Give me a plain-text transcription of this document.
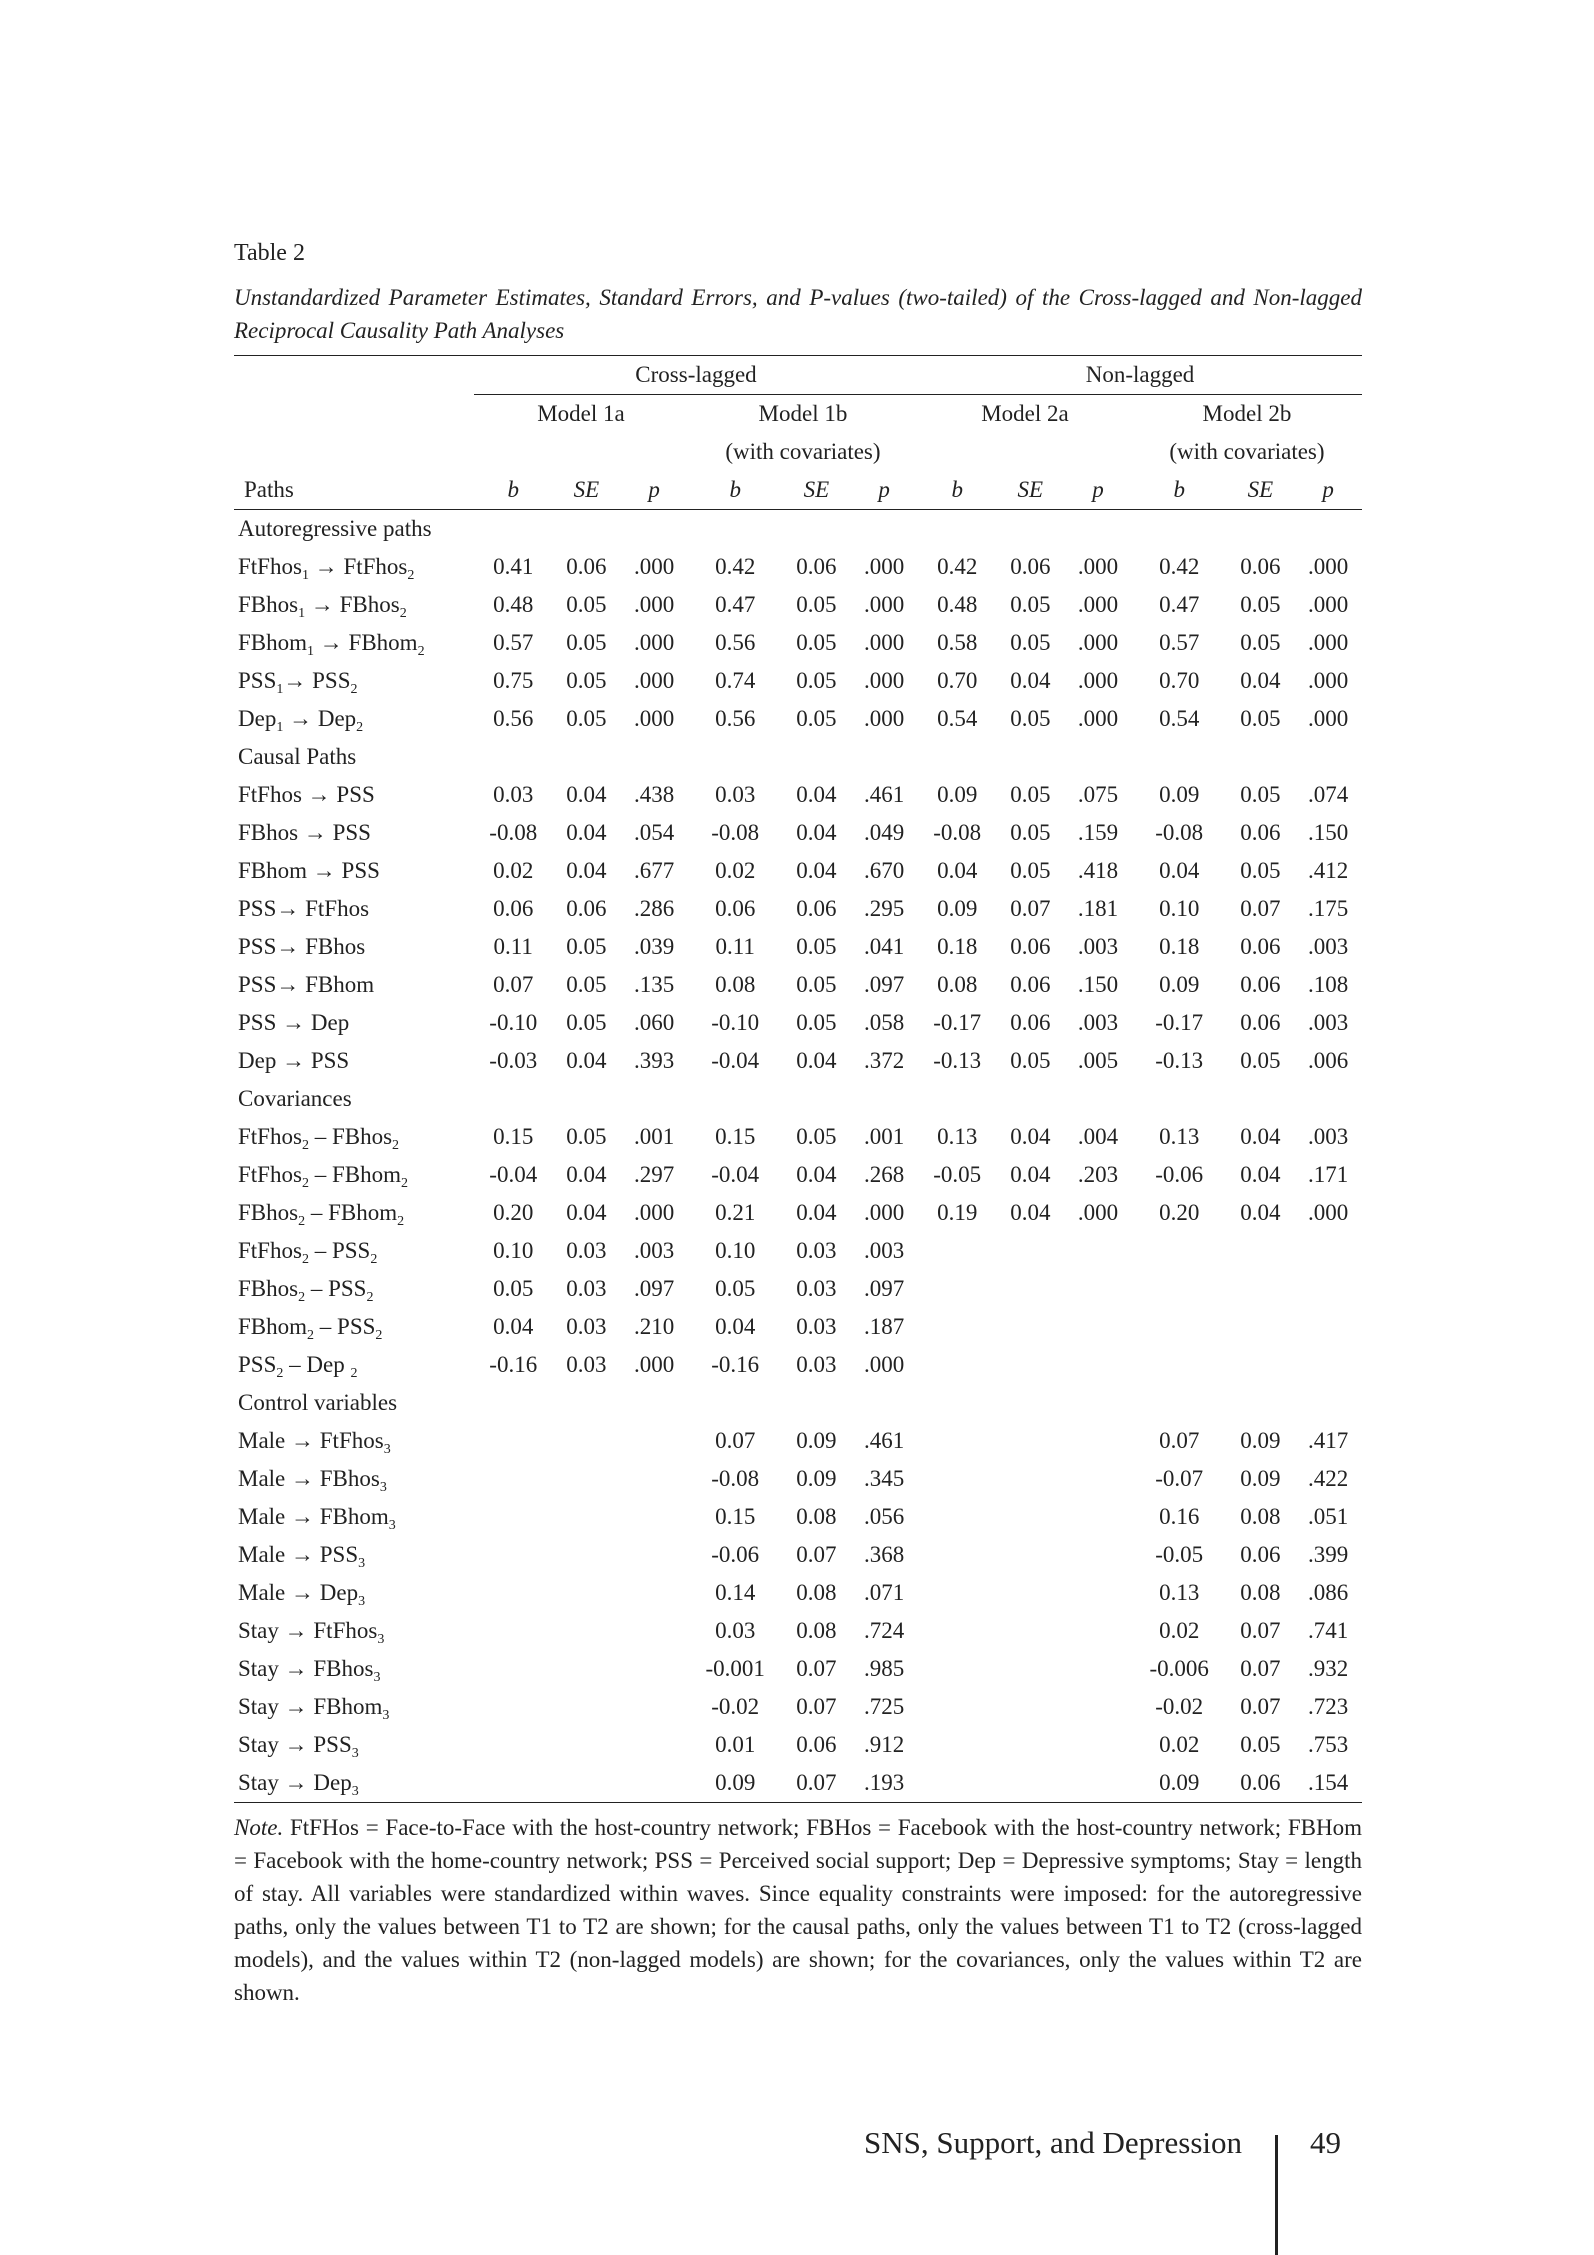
Table 2
Unstandardized Parameter Estimates, Standard Errors, and P-values (two-tailed) of the Cross-lagged and Non-lagged Reciprocal Causality Path Analyses
	Cross-lagged						Non-lagged					
	Model 1a			Model 1b			Model 2a			Model 2b		
				(with covariates)						(with covariates)		
Paths	b	SE	p	b	SE	p	b	SE	p	b	SE	p
Autoregressive paths												
FtFhos$_1$ → FtFhos$_2$	0.41	0.06	.000	0.42	0.06	.000	0.42	0.06	.000	0.42	0.06	.000
FBhos$_1$ → FBhos$_2$	0.48	0.05	.000	0.47	0.05	.000	0.48	0.05	.000	0.47	0.05	.000
FBhom$_1$ → FBhom$_2$	0.57	0.05	.000	0.56	0.05	.000	0.58	0.05	.000	0.57	0.05	.000
$PSS_1\to PSS_2$	0.75	0.05	.000	0.74	0.05	.000	0.70	0.04	.000	0.70	0.04	.000
Dep$_1$ → Dep$_2$	0.56	0.05	.000	0.56	0.05	.000	0.54	0.05	.000	0.54	0.05	.000
Causal Paths												
FtFhos → PSS	0.03	0.04	.438	0.03	0.04	.461	0.09	0.05	.075	0.09	0.05	.074
FBhos → PSS	-0.08	0.04	.054	-0.08	0.04	.049	-0.08	0.05	.159	-0.08	0.06	.150
FBhom → PSS	0.02	0.04	.677	0.02	0.04	.670	0.04	0.05	.418	0.04	0.05	.412
PSS→ FtFhos	0.06	0.06	.286	0.06	0.06	.295	0.09	0.07	.181	0.10	0.07	.175
PSS→ FBhos	0.11	0.05	.039	0.11	0.05	.041	0.18	0.06	.003	0.18	0.06	.003
PSS→ FBhom	0.07	0.05	.135	0.08	0.05	.097	0.08	0.06	.150	0.09	0.06	.108
PSS → Dep	-0.10	0.05	.060	-0.10	0.05	.058	-0.17	0.06	.003	-0.17	0.06	.003
Dep → PSS	-0.03	0.04	.393	-0.04	0.04	.372	-0.13	0.05	.005	-0.13	0.05	.006
Covariances												
FtFhos$_2$ – FBhos$_2$	0.15	0.05	.001	0.15	0.05	.001	0.13	0.04	.004	0.13	0.04	.003
FtFhos$_2$ – FBhom$_2$	-0.04	0.04	.297	-0.04	0.04	.268	-0.05	0.04	.203	-0.06	0.04	.171
FBhos$_2$ – FBhom$_2$	0.20	0.04	.000	0.21	0.04	.000	0.19	0.04	.000	0.20	0.04	.000
FtFhos$_2$ – $PSS_2$	0.10	0.03	.003	0.10	0.03	.003						
FBhos$_2$ – $PSS_2$	0.05	0.03	.097	0.05	0.03	.097						
FBhom$_2$ – $PSS_2$	0.04	0.03	.210	0.04	0.03	.187						
$PSS_2$ – Dep $_2$	-0.16	0.03	.000	-0.16	0.03	.000						
Control variables												
Male → FtFhos$_3$				0.07	0.09	.461				0.07	0.09	.417
Male → FBhos$_3$				-0.08	0.09	.345				-0.07	0.09	.422
Male → FBhom$_3$				0.15	0.08	.056				0.16	0.08	.051
Male → $PSS_3$				-0.06	0.07	.368				-0.05	0.06	.399
Male → Dep$_3$				0.14	0.08	.071				0.13	0.08	.086
Stay → FtFhos$_3$				0.03	0.08	.724				0.02	0.07	.741
Stay → FBhos$_3$				-0.001	0.07	.985				-0.006	0.07	.932
Stay → FBhom$_3$				-0.02	0.07	.725				-0.02	0.07	.723
Stay → $PSS_3$				0.01	0.06	.912				0.02	0.05	.753
Stay → Dep$_3$				0.09	0.07	.193				0.09	0.06	.154
Note. FtFHos = Face-to-Face with the host-country network; FBHos = Facebook with the host-country network; FBHom = Facebook with the home-country network; PSS = Perceived social support; Dep = Depressive symptoms; Stay = length of stay. All variables were standardized within waves. Since equality constraints were imposed: for the autoregressive paths, only the values between T1 to T2 are shown; for the causal paths, only the values between T1 to T2 (cross-lagged models), and the values within T2 (non-lagged models) are shown; for the covariances, only the values within T2 are shown.
SNS, Support, and Depression 49
